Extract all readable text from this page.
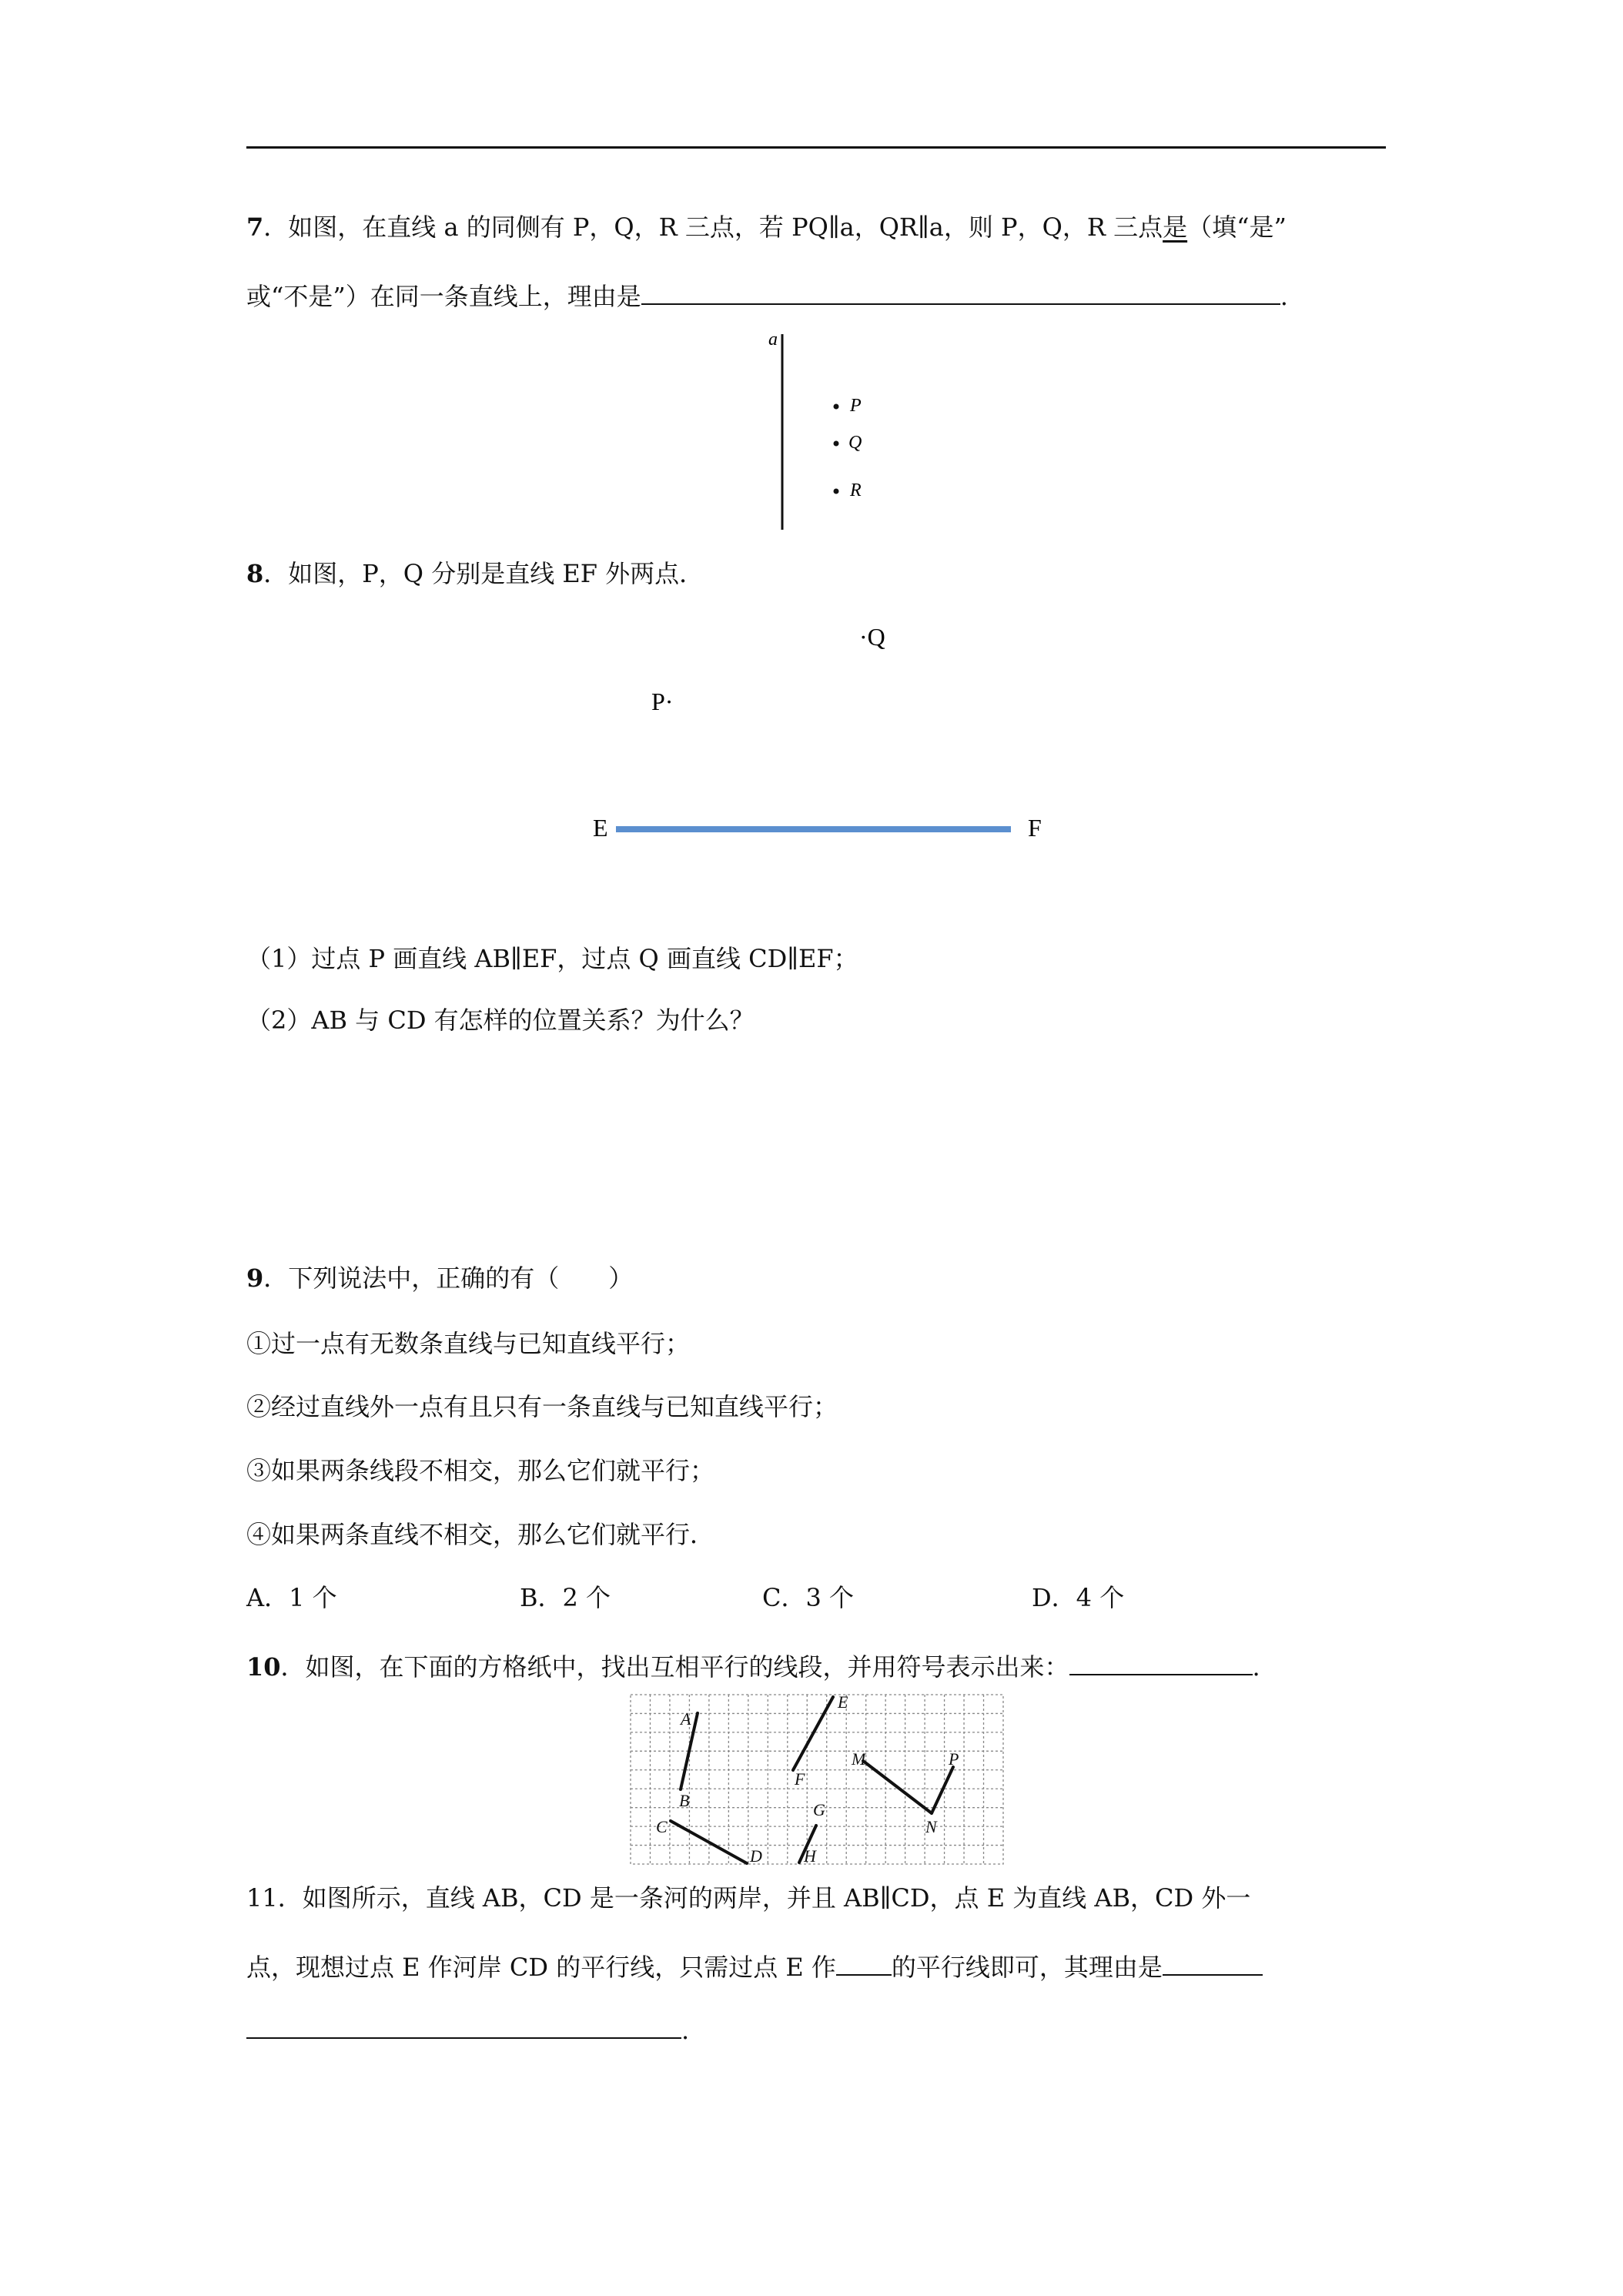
7．如图，在直线 a 的同侧有 P，Q，R 三点，若 PQ∥a，QR∥a，则 P，Q，R 三点是（填“是”
或“不是”）在同一条直线上，理由是	.
a
P
Q
R
8．如图，P，Q 分别是直线 EF 外两点．
·Q
P·
E	F
（1）过点 P 画直线 AB∥EF，过点 Q 画直线 CD∥EF；
（2）AB 与 CD 有怎样的位置关系？为什么？
9．下列说法中，正确的有（　　）
①过一点有无数条直线与已知直线平行；
②经过直线外一点有且只有一条直线与已知直线平行；
③如果两条线段不相交，那么它们就平行；
④如果两条直线不相交，那么它们就平行．
A．1 个	B．2 个	C．3 个	D．4 个
10．如图，在下面的方格纸中，找出互相平行的线段，并用符号表示出来：	.
A
B
C
D
E
F
G
H
M
N
P
11．如图所示，直线 AB，CD 是一条河的两岸，并且 AB∥CD，点 E 为直线 AB，CD 外一
点，现想过点 E 作河岸 CD 的平行线，只需过点 E 作 的平行线即可，其理由是
.
